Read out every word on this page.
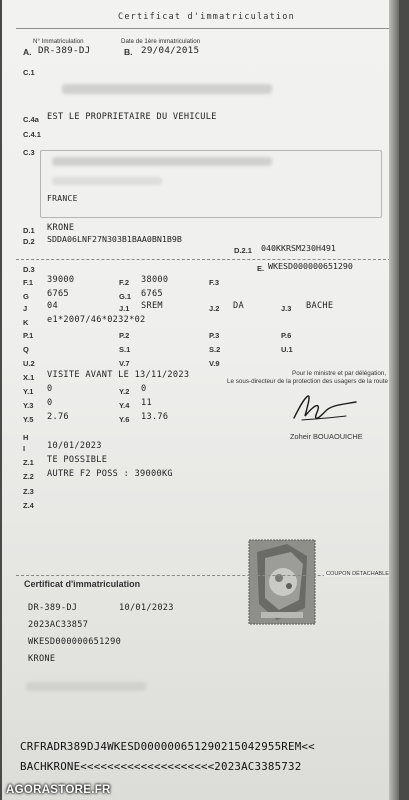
Certificat d'immatriculation
N° Immatriculation	Date de 1ère immatriculation
A. DR-389-DJ	B. 29/04/2015
C.1
C.4a EST LE PROPRIETAIRE DU VEHICULE
C.4.1
C.3
FRANCE
D.1 KRONE
D.2 SDDA06LNF27N303B1BAA0BN1B9B
D.2.1 040KKRSM230H491
D.3	E. WKESD000000651290
F.1 39000	F.2 38000	F.3
G 6765	G.1 6765
J 04	J.1 SREM	J.2 DA	J.3 BACHE
K e1*2007/46*0232*02
P.1	P.2	P.3	P.6
Q	S.1	S.2	U.1
U.2	V.7	V.9
X.1 VISITE AVANT LE 13/11/2023
Y.1 0	Y.2 0
Y.3 0	Y.4 11
Y.5 2.76	Y.6 13.76
Pour le ministre et par délégation,
Le sous-directeur de la protection des usagers de la route
Zoheir BOUAOUICHE
H
I	10/01/2023
Z.1 TE POSSIBLE
Z.2 AUTRE F2 POSS : 39000KG
Z.3
Z.4
COUPON DÉTACHABLE
Certificat d'immatriculation
DR-389-DJ	10/01/2023
2023AC33857
WKESD000000651290
KRONE
CRFRADR389DJ4WKESD000000651290215042955REM<<
BACHKRONE<<<<<<<<<<<<<<<<<<<<2023AC3385732
AGORASTORE.FR
